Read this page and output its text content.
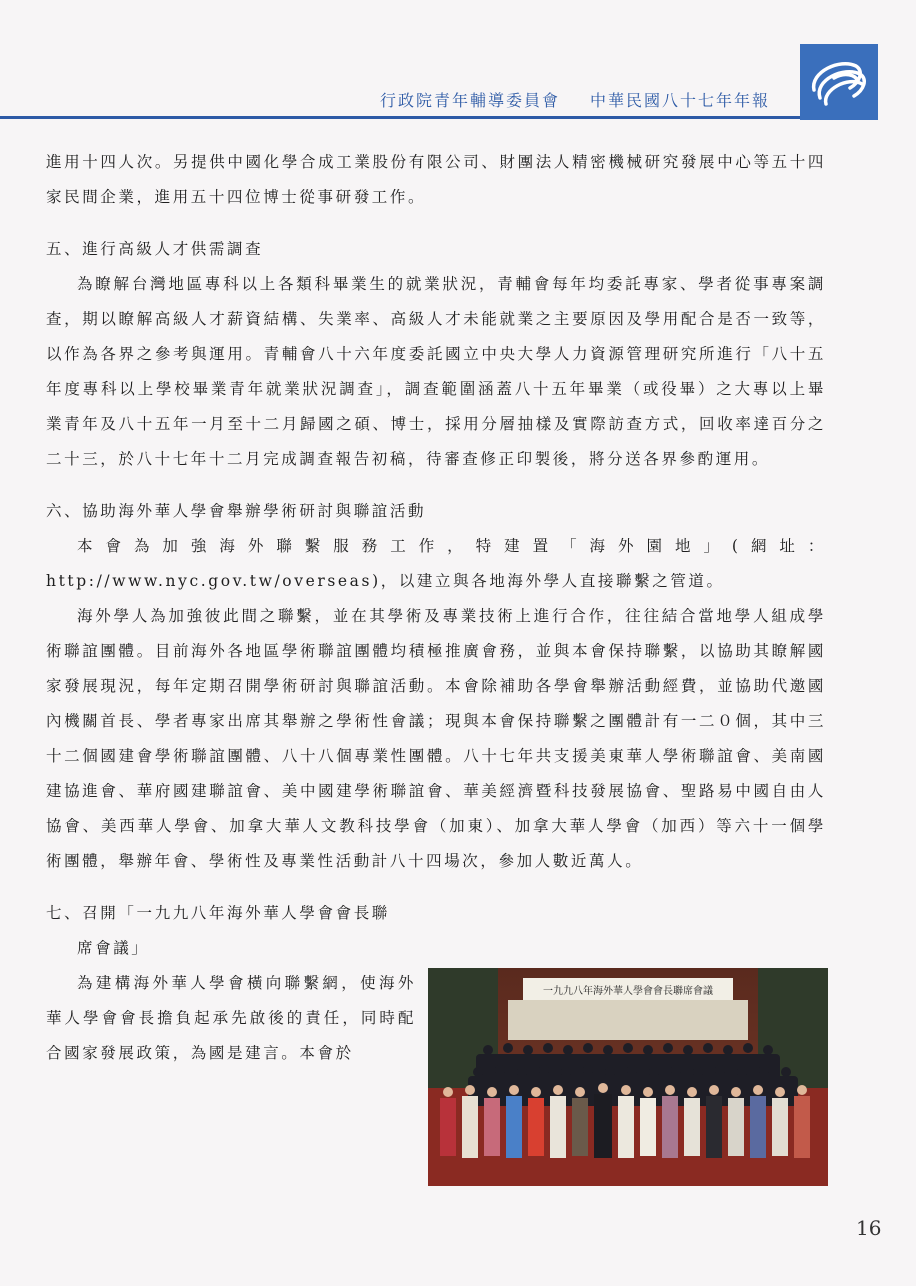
行政院青年輔導委員會 中華民國八十七年年報

進用十四人次。另提供中國化學合成工業股份有限公司、財團法人精密機械研究發展中心等五十四家民間企業，進用五十四位博士從事研發工作。

五、進行高級人才供需調查

為瞭解台灣地區專科以上各類科畢業生的就業狀況，青輔會每年均委託專家、學者從事專案調查，期以瞭解高級人才薪資結構、失業率、高級人才未能就業之主要原因及學用配合是否一致等，以作為各界之參考與運用。青輔會八十六年度委託國立中央大學人力資源管理研究所進行「八十五年度專科以上學校畢業青年就業狀況調查」，調查範圍涵蓋八十五年畢業（或役畢）之大專以上畢業青年及八十五年一月至十二月歸國之碩、博士，採用分層抽樣及實際訪查方式，回收率達百分之二十三，於八十七年十二月完成調查報告初稿，待審查修正印製後，將分送各界參酌運用。

六、協助海外華人學會舉辦學術研討與聯誼活動

本會為加強海外聯繫服務工作，特建置「海外園地」(網址：http://www.nyc.gov.tw/overseas)，以建立與各地海外學人直接聯繫之管道。

海外學人為加強彼此間之聯繫，並在其學術及專業技術上進行合作，往往結合當地學人組成學術聯誼團體。目前海外各地區學術聯誼團體均積極推廣會務，並與本會保持聯繫，以協助其瞭解國家發展現況，每年定期召開學術研討與聯誼活動。本會除補助各學會舉辦活動經費，並協助代邀國內機關首長、學者專家出席其舉辦之學術性會議；現與本會保持聯繫之團體計有一二０個，其中三十二個國建會學術聯誼團體、八十八個專業性團體。八十七年共支援美東華人學術聯誼會、美南國建協進會、華府國建聯誼會、美中國建學術聯誼會、華美經濟暨科技發展協會、聖路易中國自由人協會、美西華人學會、加拿大華人文教科技學會（加東）、加拿大華人學會（加西）等六十一個學術團體，舉辦年會、學術性及專業性活動計八十四場次，參加人數近萬人。

七、召開「一九九八年海外華人學會會長聯

席會議」

為建構海外華人學會橫向聯繫網，使海外華人學會會長擔負起承先啟後的責任，同時配合國家發展政策，為國是建言。本會於

一九九八年海外華人學會會長聯席會議
16
